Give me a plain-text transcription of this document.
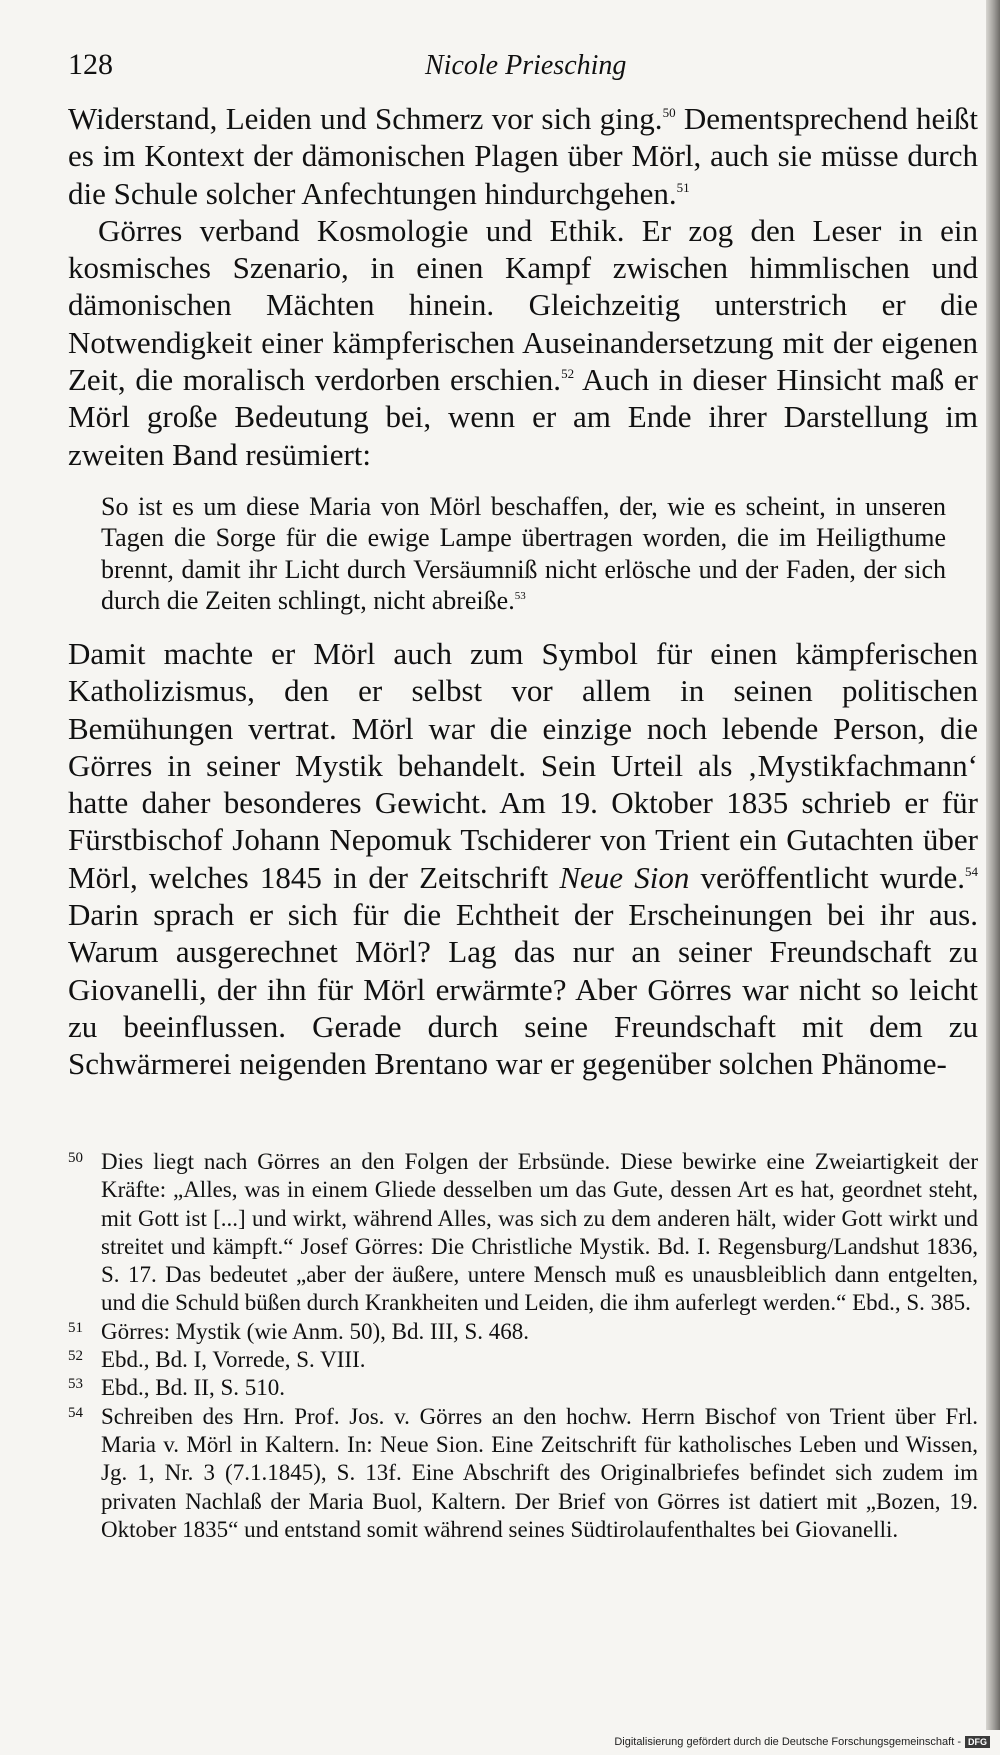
128	Nicole Priesching

Widerstand, Leiden und Schmerz vor sich ging.$^{50}$ Dementsprechend heißt es im Kontext der dämonischen Plagen über Mörl, auch sie müsse durch die Schule solcher Anfechtungen hindurchgehen.$^{51}$

Görres verband Kosmologie und Ethik. Er zog den Leser in ein kosmisches Szenario, in einen Kampf zwischen himmlischen und dämonischen Mächten hinein. Gleichzeitig unterstrich er die Notwendigkeit einer kämpferischen Auseinandersetzung mit der eigenen Zeit, die moralisch verdorben erschien.$^{52}$ Auch in dieser Hinsicht maß er Mörl große Bedeutung bei, wenn er am Ende ihrer Darstellung im zweiten Band resümiert:

So ist es um diese Maria von Mörl beschaffen, der, wie es scheint, in unseren Tagen die Sorge für die ewige Lampe übertragen worden, die im Heiligthume brennt, damit ihr Licht durch Versäumniß nicht erlösche und der Faden, der sich durch die Zeiten schlingt, nicht abreiße.$^{53}$

Damit machte er Mörl auch zum Symbol für einen kämpferischen Katholizismus, den er selbst vor allem in seinen politischen Bemühungen vertrat. Mörl war die einzige noch lebende Person, die Görres in seiner Mystik behandelt. Sein Urteil als ‚Mystikfachmann‘ hatte daher besonderes Gewicht. Am 19. Oktober 1835 schrieb er für Fürstbischof Johann Nepomuk Tschiderer von Trient ein Gutachten über Mörl, welches 1845 in der Zeitschrift Neue Sion veröffentlicht wurde.$^{54}$ Darin sprach er sich für die Echtheit der Erscheinungen bei ihr aus. Warum ausgerechnet Mörl? Lag das nur an seiner Freundschaft zu Giovanelli, der ihn für Mörl erwärmte? Aber Görres war nicht so leicht zu beeinflussen. Gerade durch seine Freundschaft mit dem zu Schwärmerei neigenden Brentano war er gegenüber solchen Phänome-

50 Dies liegt nach Görres an den Folgen der Erbsünde. Diese bewirke eine Zweiartigkeit der Kräfte: „Alles, was in einem Gliede desselben um das Gute, dessen Art es hat, geordnet steht, mit Gott ist [...] und wirkt, während Alles, was sich zu dem anderen hält, wider Gott wirkt und streitet und kämpft.“ Josef Görres: Die Christliche Mystik. Bd. I. Regensburg/Landshut 1836, S. 17. Das bedeutet „aber der äußere, untere Mensch muß es unausbleiblich dann entgelten, und die Schuld büßen durch Krankheiten und Leiden, die ihm auferlegt werden.“ Ebd., S. 385.
51 Görres: Mystik (wie Anm. 50), Bd. III, S. 468.
52 Ebd., Bd. I, Vorrede, S. VIII.
53 Ebd., Bd. II, S. 510.
54 Schreiben des Hrn. Prof. Jos. v. Görres an den hochw. Herrn Bischof von Trient über Frl. Maria v. Mörl in Kaltern. In: Neue Sion. Eine Zeitschrift für katholisches Leben und Wissen, Jg. 1, Nr. 3 (7.1.1845), S. 13f. Eine Abschrift des Originalbriefes befindet sich zudem im privaten Nachlaß der Maria Buol, Kaltern. Der Brief von Görres ist datiert mit „Bozen, 19. Oktober 1835“ und entstand somit während seines Südtirolaufenthaltes bei Giovanelli.
Digitalisierung gefördert durch die Deutsche Forschungsgemeinschaft - DFG
